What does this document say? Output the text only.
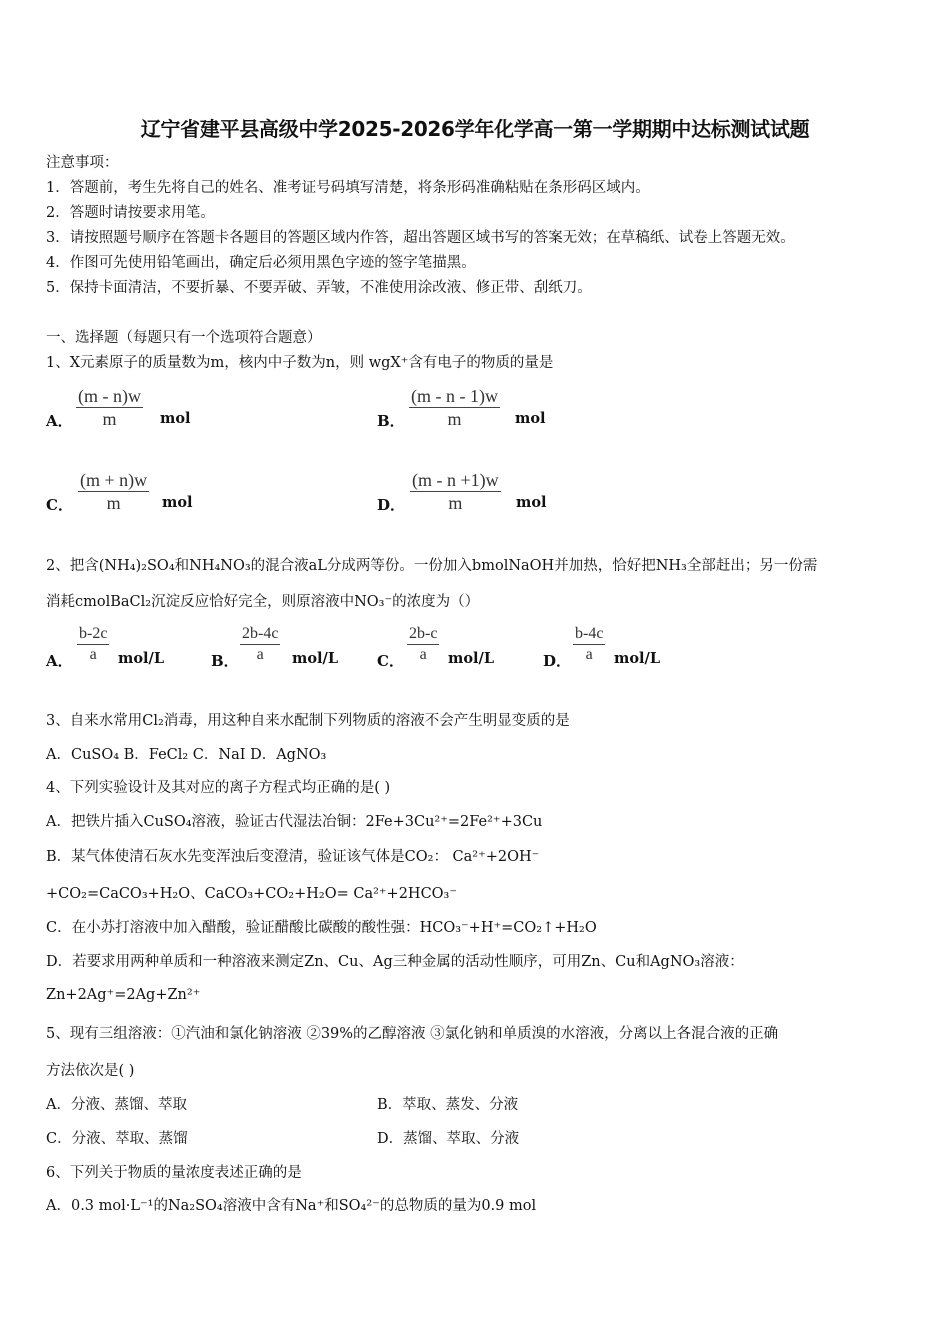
辽宁省建平县高级中学2025-2026学年化学高一第一学期期中达标测试试题
注意事项：
1．答题前，考生先将自己的姓名、准考证号码填写清楚，将条形码准确粘贴在条形码区域内。
2．答题时请按要求用笔。
3．请按照题号顺序在答题卡各题目的答题区域内作答，超出答题区域书写的答案无效；在草稿纸、试卷上答题无效。
4．作图可先使用铅笔画出，确定后必须用黑色字迹的签字笔描黑。
5．保持卡面清洁，不要折暴、不要弄破、弄皱，不准使用涂改液、修正带、刮纸刀。
一、选择题（每题只有一个选项符合题意）
1、X元素原子的质量数为m，核内中子数为n，则 wgX⁺含有电子的物质的量是
A．
(m - n)w
m	mol	B．
(m - n - 1)w
m	mol
C．
(m + n)w
m	mol	D．
(m - n +1)w
m	mol
2、把含(NH₄)₂SO₄和NH₄NO₃的混合液aL分成两等份。一份加入bmolNaOH并加热，恰好把NH₃全部赶出；另一份需
消耗cmolBaCl₂沉淀反应恰好完全，则原溶液中NO₃⁻的浓度为（）
A．
b-2c
a	mol/L	B．
2b-4c
a	mol/L	C．
2b-c
a	mol/L	D．
b-4c
a	mol/L
3、自来水常用Cl₂消毒，用这种自来水配制下列物质的溶液不会产生明显变质的是
A．CuSO₄ B．FeCl₂ C．NaI D．AgNO₃
4、下列实验设计及其对应的离子方程式均正确的是( )
A．把铁片插入CuSO₄溶液，验证古代湿法冶铜：2Fe+3Cu²⁺=2Fe²⁺+3Cu
B．某气体使清石灰水先变浑浊后变澄清，验证该气体是CO₂： Ca²⁺+2OH⁻
+CO₂=CaCO₃+H₂O、CaCO₃+CO₂+H₂O= Ca²⁺+2HCO₃⁻
C．在小苏打溶液中加入醋酸，验证醋酸比碳酸的酸性强：HCO₃⁻+H⁺=CO₂↑+H₂O
D．若要求用两种单质和一种溶液来测定Zn、Cu、Ag三种金属的活动性顺序，可用Zn、Cu和AgNO₃溶液：
Zn+2Ag⁺=2Ag+Zn²⁺
5、现有三组溶液：①汽油和氯化钠溶液 ②39%的乙醇溶液 ③氯化钠和单质溴的水溶液，分离以上各混合液的正确
方法依次是( )
A．分液、蒸馏、萃取	B．萃取、蒸发、分液
C．分液、萃取、蒸馏	D．蒸馏、萃取、分液
6、下列关于物质的量浓度表述正确的是
A．0.3 mol·L⁻¹的Na₂SO₄溶液中含有Na⁺和SO₄²⁻的总物质的量为0.9 mol
